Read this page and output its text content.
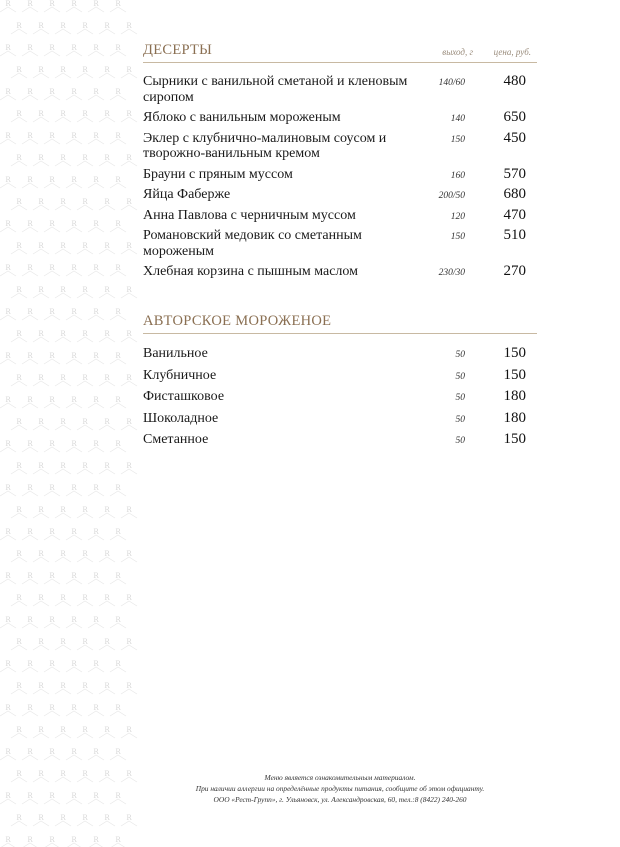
R R R R R R
R R R R R R
R R R R R R
R R R R R R
R R R R R R
R R R R R R
R R R R R R
R R R R R R
R R R R R R
R R R R R R
R R R R R R
R R R R R R
R R R R R R
R R R R R R
R R R R R R
R R R R R R
R R R R R R
R R R R R R
R R R R R R
R R R R R R
R R R R R R
R R R R R R
R R R R R R
R R R R R R
R R R R R R
R R R R R R
R R R R R R
R R R R R R
R R R R R R
R R R R R R
R R R R R R
R R R R R R
R R R R R R
R R R R R R
R R R R R R
R R R R R R
R R R R R R
R R R R R R
R R R R R R
ДЕСЕРТЫ	выход, г цена, руб.
Сырники с ванильной сметаной и кленовым сиропом
140/60	480
Яблоко с ванильным мороженым	140	650
Эклер с клубнично-малиновым соусом и творожно-ванильным кремом
150	450
Брауни с пряным муссом	160	570
Яйца Фаберже	200/50	680
Анна Павлова с черничным муссом	120	470
Романовский медовик со сметанным мороженым
150	510
Хлебная корзина с пышным маслом	230/30	270
АВТОРСКОЕ МОРОЖЕНОЕ
Ванильное	50	150
Клубничное	50	150
Фисташковое	50	180
Шоколадное	50	180
Сметанное	50	150
Меню является ознакомительным материалом.
При наличии аллергии на определённые продукты питания, сообщите об этом официанту.
ООО «Рест-Групп», г. Ульяновск, ул. Александровская, 60, тел.:8 (8422) 240-260
